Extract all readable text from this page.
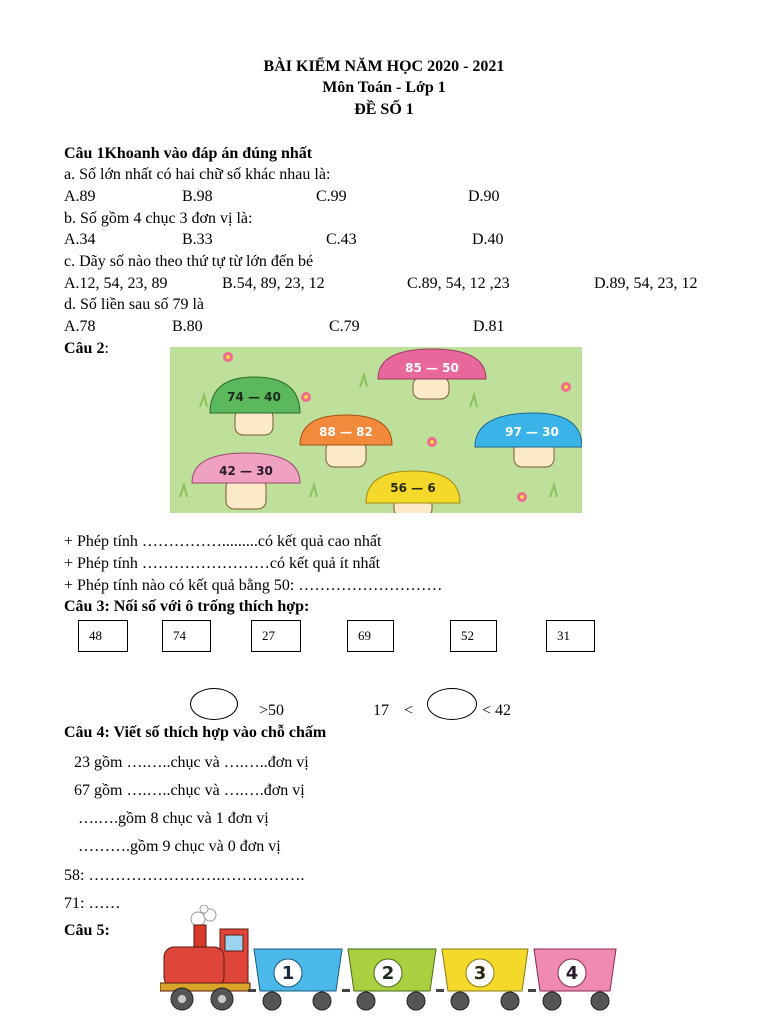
BÀI KIỂM NĂM HỌC 2020 - 2021
Môn Toán - Lớp 1
ĐỀ SỐ 1
Câu 1Khoanh vào đáp án đúng nhất
a. Số lớn nhất có hai chữ số khác nhau là:
A.89	B.98	C.99	D.90
b. Số gồm 4 chục 3 đơn vị là:
A.34	B.33	C.43	D.40
c. Dãy số nào theo thứ tự từ lớn đến bé
A.12, 54, 23, 89	B.54, 89, 23, 12	C.89, 54, 12 ,23	D.89, 54, 23, 12
d. Số liền sau số 79 là
A.78	B.80	C.79	D.81
Câu 2:
85 — 50
74 — 40
88 — 82	97 — 30
42 — 30
56 — 6
+ Phép tính …………….........có kết quả cao nhất
+ Phép tính ……………………có kết quả ít nhất
+ Phép tính nào có kết quả bằng 50: ………………………
Câu 3: Nối số với ô trống thích hợp:
48	74	27	69	52	31
>50	17 <	< 42
Câu 4: Viết số thích hợp vào chỗ chấm
23 gồm ….…..chục và ….…..đơn vị
67 gồm ….…..chục và ….….đơn vị
….….gồm 8 chục và 1 đơn vị
……….gồm 9 chục và 0 đơn vị
58: …………………….…………….
71: ……
Câu 5:
1	2	3	4
